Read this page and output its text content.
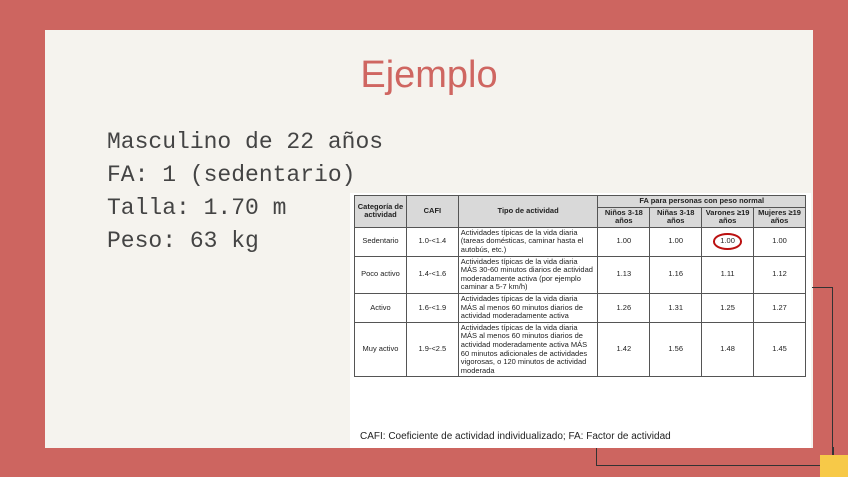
Ejemplo
Masculino de 22 años
FA: 1 (sedentario)
Talla: 1.70 m
Peso: 63 kg
Categoría de actividad	CAFI	Tipo de actividad	FA para personas con peso normal			
			Niños 3-18 años	Niñas 3-18 años	Varones ≥19 años	Mujeres ≥19 años
Sedentario	1.0-<1.4	Actividades típicas de la vida diaria (tareas domésticas, caminar hasta el autobús, etc.)	1.00	1.00	1.00	1.00
Poco activo	1.4-<1.6	Actividades típicas de la vida diaria MÁS 30-60 minutos diarios de actividad moderadamente activa (por ejemplo caminar a 5-7 km/h)	1.13	1.16	1.11	1.12
Activo	1.6-<1.9	Actividades típicas de la vida diaria MÁS al menos 60 minutos diarios de actividad moderadamente activa	1.26	1.31	1.25	1.27
Muy activo	1.9-<2.5	Actividades típicas de la vida diaria MÁS al menos 60 minutos diarios de actividad moderadamente activa MÁS 60 minutos adicionales de actividades vigorosas, o 120 minutos de actividad moderada	1.42	1.56	1.48	1.45
CAFI: Coeficiente de actividad individualizado; FA: Factor de actividad
